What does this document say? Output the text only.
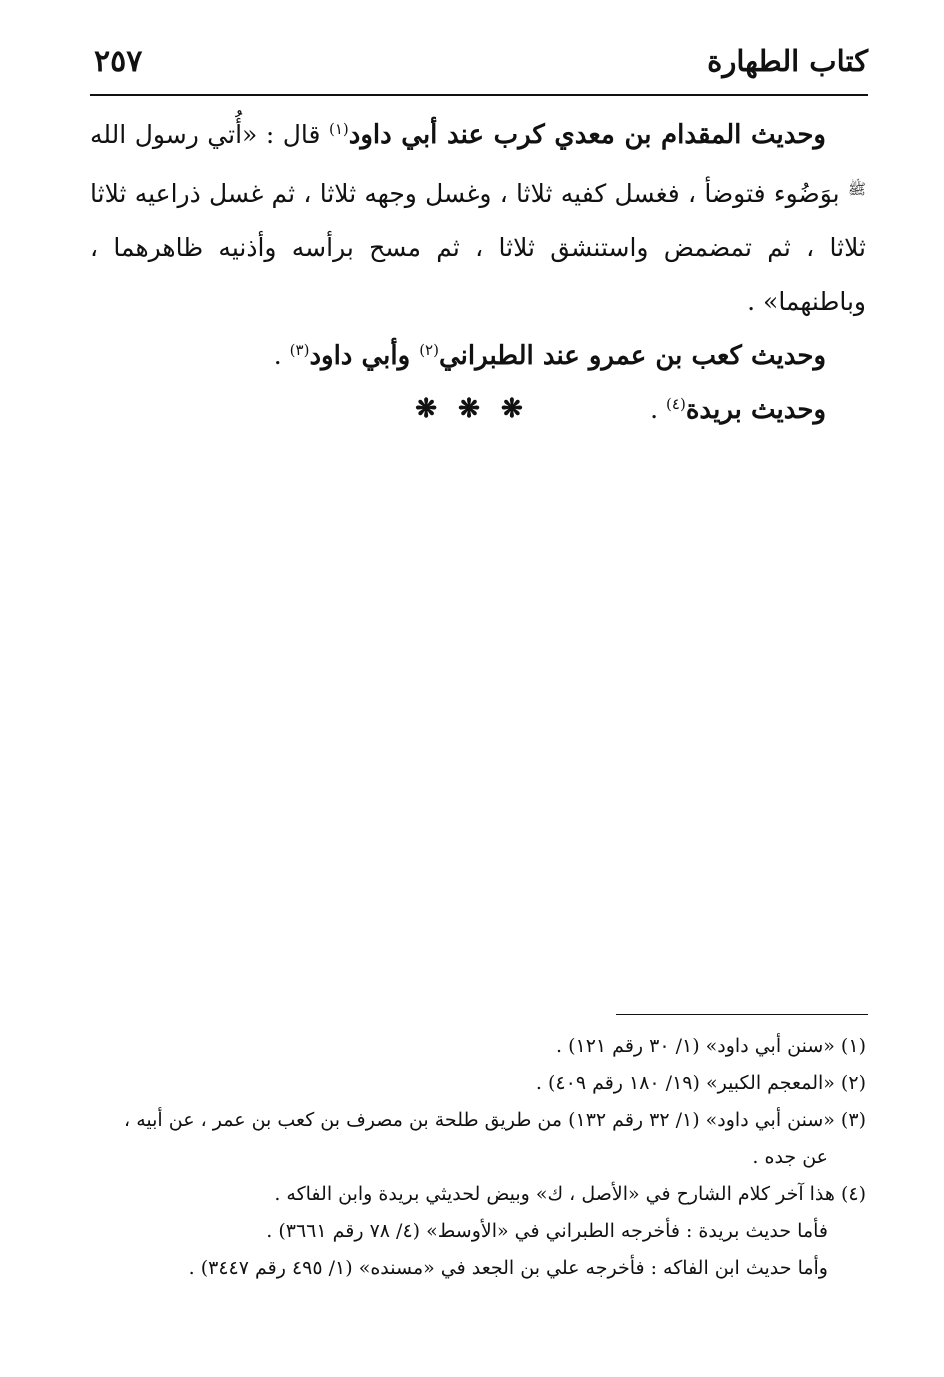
كتاب الطهارة
٢٥٧

وحديث المقدام بن معدي كرب عند أبي داود$^{(١)}$ قال : «أُتي رسول الله $^ﷺ$ بوَضُوء فتوضأ ، فغسل كفيه ثلاثا ، وغسل وجهه ثلاثا ، ثم غسل ذراعيه ثلاثا ثلاثا ، ثم تمضمض واستنشق ثلاثا ، ثم مسح برأسه وأذنيه ظاهرهما ، وباطنهما» .

وحديث كعب بن عمرو عند الطبراني$^{(٢)}$ وأبي داود$^{(٣)}$ .

وحديث بريدة$^{(٤)}$ .

❋ ❋ ❋

(١) «سنن أبي داود» (١/ ٣٠ رقم ١٢١) .

(٢) «المعجم الكبير» (١٩/ ١٨٠ رقم ٤٠٩) .

(٣) «سنن أبي داود» (١/ ٣٢ رقم ١٣٢) من طريق طلحة بن مصرف بن كعب بن عمر ، عن أبيه ،

عن جده .

(٤) هذا آخر كلام الشارح في «الأصل ، ك» وبيض لحديثي بريدة وابن الفاكه .

فأما حديث بريدة : فأخرجه الطبراني في «الأوسط» (٤/ ٧٨ رقم ٣٦٦١) .

وأما حديث ابن الفاكه : فأخرجه علي بن الجعد في «مسنده» (١/ ٤٩٥ رقم ٣٤٤٧) .
